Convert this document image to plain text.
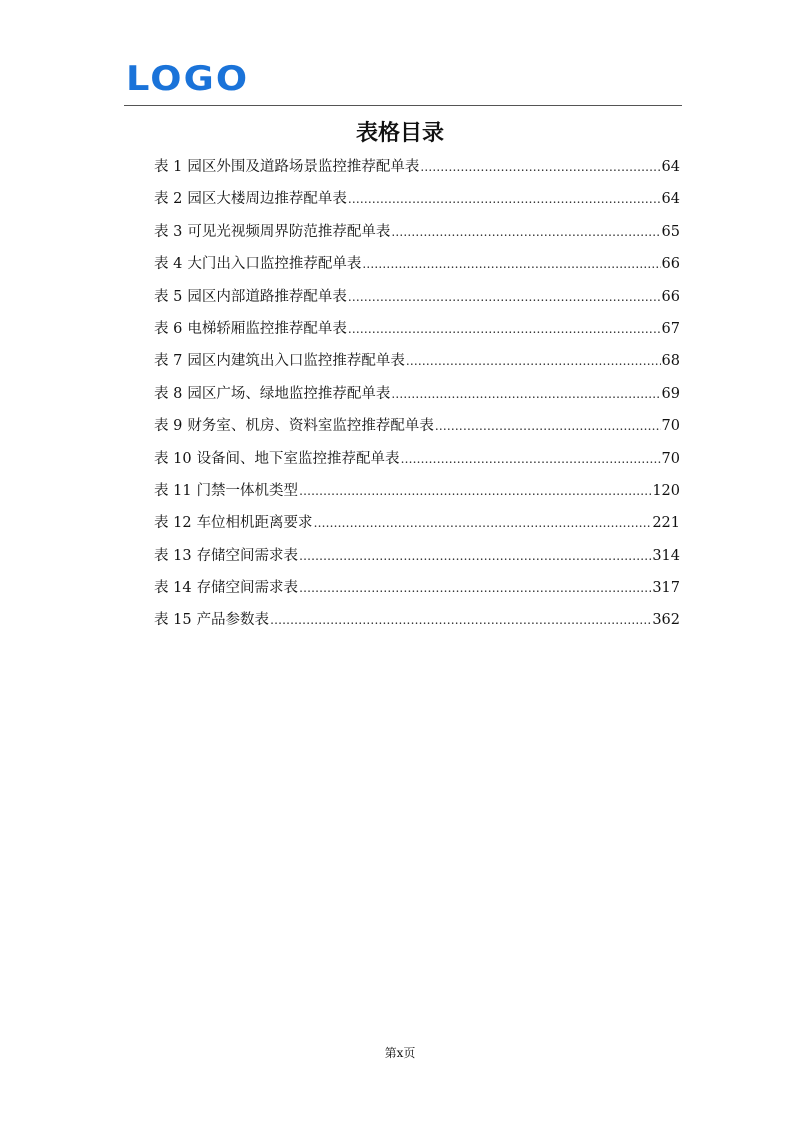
LOGO
表格目录
表 1 园区外围及道路场景监控推荐配单表 .....	64
表 2 园区大楼周边推荐配单表 .....	64
表 3 可见光视频周界防范推荐配单表 .....	65
表 4 大门出入口监控推荐配单表 .....	66
表 5 园区内部道路推荐配单表 .....	66
表 6 电梯轿厢监控推荐配单表 .....	67
表 7 园区内建筑出入口监控推荐配单表 .....	68
表 8 园区广场、绿地监控推荐配单表 .....	69
表 9 财务室、机房、资料室监控推荐配单表 .....	70
表 10 设备间、地下室监控推荐配单表 .....	70
表 11 门禁一体机类型 .....	120
表 12 车位相机距离要求 .....	221
表 13 存储空间需求表 .....	314
表 14 存储空间需求表 .....	317
表 15 产品参数表 .....	362
第x页
